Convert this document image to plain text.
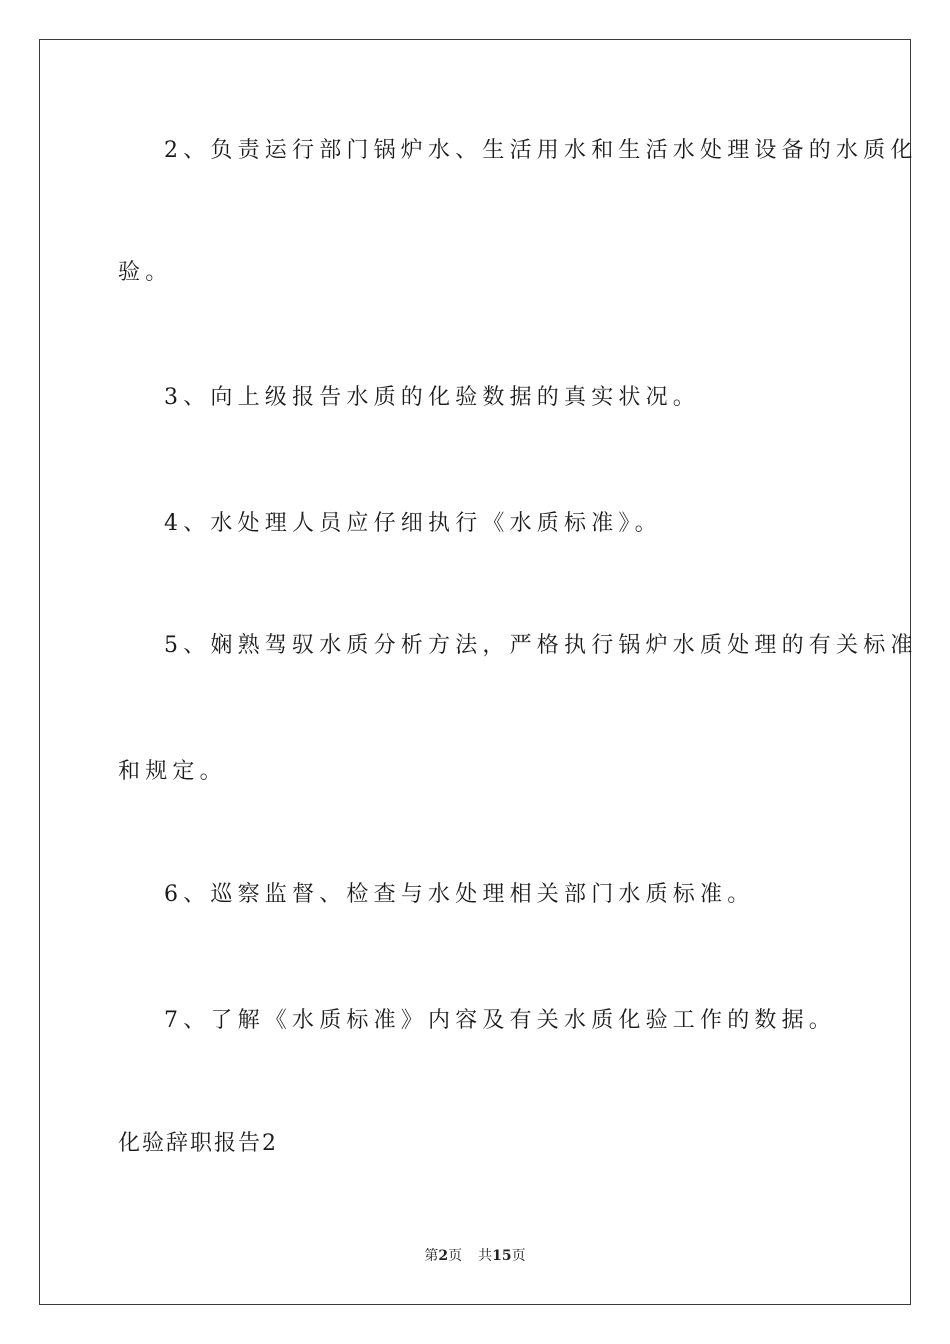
2、负责运行部门锅炉水、生活用水和生活水处理设备的水质化
验。
3、向上级报告水质的化验数据的真实状况。
4、水处理人员应仔细执行《水质标准》。
5、娴熟驾驭水质分析方法，严格执行锅炉水质处理的有关标准
和规定。
6、巡察监督、检查与水处理相关部门水质标准。
7、了解《水质标准》内容及有关水质化验工作的数据。
化验辞职报告2
第2页 共15页
